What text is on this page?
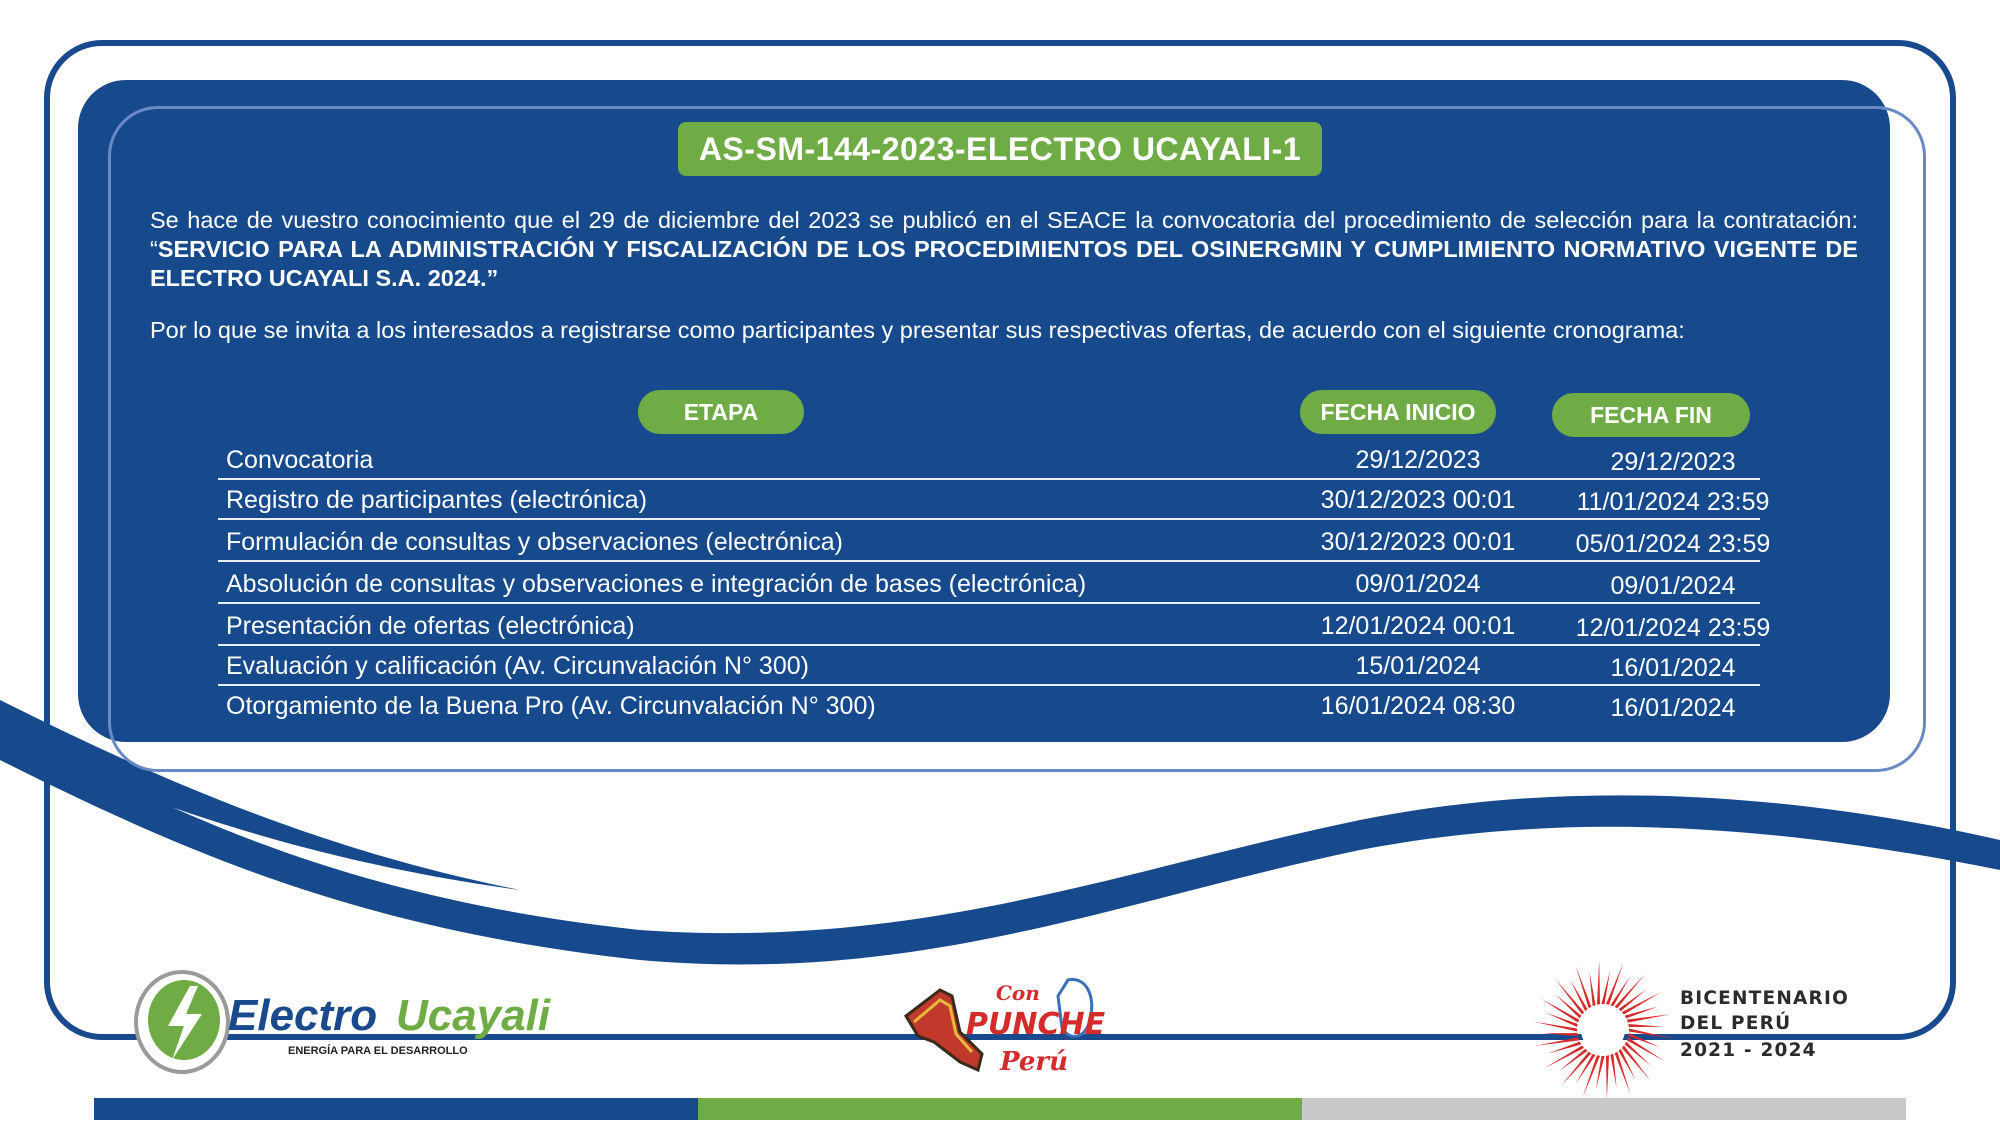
AS-SM-144-2023-ELECTRO UCAYALI-1
Se hace de vuestro conocimiento que el 29 de diciembre del 2023 se publicó en el SEACE la convocatoria del procedimiento de selección para la contratación: “SERVICIO PARA LA ADMINISTRACIÓN Y FISCALIZACIÓN DE LOS PROCEDIMIENTOS DEL OSINERGMIN Y CUMPLIMIENTO NORMATIVO VIGENTE DE ELECTRO UCAYALI S.A. 2024.”
Por lo que se invita a los interesados a registrarse como participantes y presentar sus respectivas ofertas, de acuerdo con el siguiente cronograma:
ETAPA	FECHA INICIO	FECHA FIN
Convocatoria	29/12/2023	29/12/2023
Registro de participantes (electrónica)	30/12/2023 00:01	11/01/2024 23:59
Formulación de consultas y observaciones (electrónica)	30/12/2023 00:01	05/01/2024 23:59
Absolución de consultas y observaciones e integración de bases (electrónica)	09/01/2024	09/01/2024
Presentación de ofertas (electrónica)	12/01/2024 00:01	12/01/2024 23:59
Evaluación y calificación (Av. Circunvalación N° 300)	15/01/2024	16/01/2024
Otorgamiento de la Buena Pro (Av. Circunvalación N° 300)	16/01/2024 08:30	16/01/2024
Electro Ucayali
ENERGÍA PARA EL DESARROLLO
Con
PUNCHE
Perú
BICENTENARIO
DEL PERÚ
2021 - 2024
